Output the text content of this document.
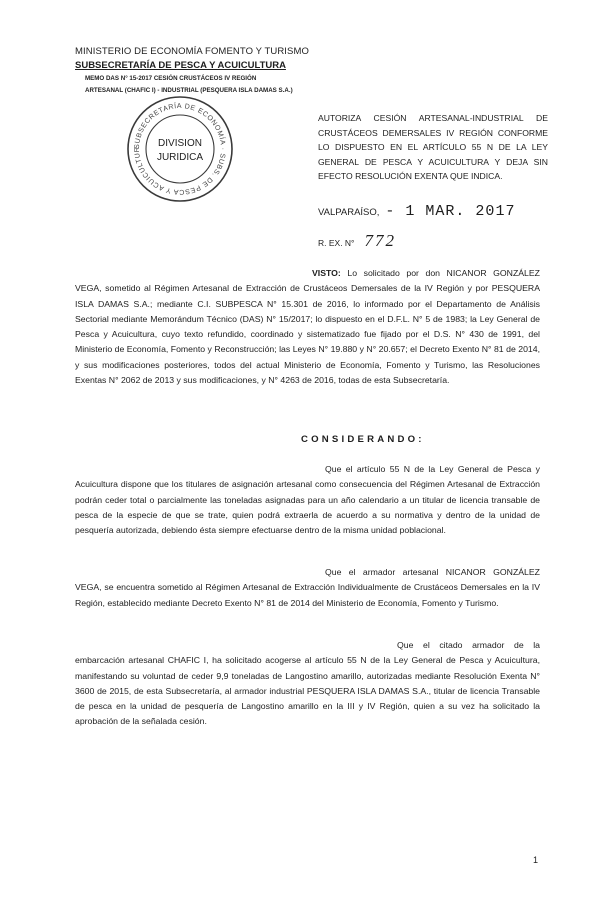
MINISTERIO DE ECONOMÍA FOMENTO Y TURISMO
SUBSECRETARÍA DE PESCA Y ACUICULTURA
MEMO DAS N° 15-2017 CESIÓN CRUSTÁCEOS IV REGIÓN
ARTESANAL (CHAFIC I) - INDUSTRIAL (PESQUERA ISLA DAMAS S.A.)
SUBSECRETARÍA DE ECONOMÍA · SUBS. DE PESCA Y ACUICULTUR
DIVISION
JURIDICA
AUTORIZA CESIÓN ARTESANAL-INDUSTRIAL DE CRUSTÁCEOS DEMERSALES IV REGIÓN CONFORME LO DISPUESTO EN EL ARTÍCULO 55 N DE LA LEY GENERAL DE PESCA Y ACUICULTURA Y DEJA SIN EFECTO RESOLUCIÓN EXENTA QUE INDICA.
VALPARAÍSO, - 1 MAR. 2017
R. EX. N° 772
VISTO: Lo solicitado por don NICANOR GONZÁLEZ VEGA, sometido al Régimen Artesanal de Extracción de Crustáceos Demersales de la IV Región y por PESQUERA ISLA DAMAS S.A.; mediante C.I. SUBPESCA N° 15.301 de 2016, lo informado por el Departamento de Análisis Sectorial mediante Memorándum Técnico (DAS) N° 15/2017; lo dispuesto en el D.F.L. N° 5 de 1983; la Ley General de Pesca y Acuicultura, cuyo texto refundido, coordinado y sistematizado fue fijado por el D.S. N° 430 de 1991, del Ministerio de Economía, Fomento y Reconstrucción; las Leyes N° 19.880 y N° 20.657; el Decreto Exento N° 81 de 2014, y sus modificaciones posteriores, todos del actual Ministerio de Economía, Fomento y Turismo, las Resoluciones Exentas N° 2062 de 2013 y sus modificaciones, y N° 4263 de 2016, todas de esta Subsecretaría.
CONSIDERANDO:
Que el artículo 55 N de la Ley General de Pesca y Acuicultura dispone que los titulares de asignación artesanal como consecuencia del Régimen Artesanal de Extracción podrán ceder total o parcialmente las toneladas asignadas para un año calendario a un titular de licencia transable de pesca de la especie de que se trate, quien podrá extraerla de acuerdo a su normativa y dentro de la unidad de pesquería autorizada, debiendo ésta siempre efectuarse dentro de la misma unidad poblacional.
Que el armador artesanal NICANOR GONZÁLEZ VEGA, se encuentra sometido al Régimen Artesanal de Extracción Individualmente de Crustáceos Demersales en la IV Región, establecido mediante Decreto Exento N° 81 de 2014 del Ministerio de Economía, Fomento y Turismo.
Que el citado armador de la embarcación artesanal CHAFIC I, ha solicitado acogerse al artículo 55 N de la Ley General de Pesca y Acuicultura, manifestando su voluntad de ceder 9,9 toneladas de Langostino amarillo, autorizadas mediante Resolución Exenta N° 3600 de 2015, de esta Subsecretaría, al armador industrial PESQUERA ISLA DAMAS S.A., titular de licencia Transable de pesca en la unidad de pesquería de Langostino amarillo en la III y IV Región, quien a su vez ha solicitado la aprobación de la señalada cesión.
1
